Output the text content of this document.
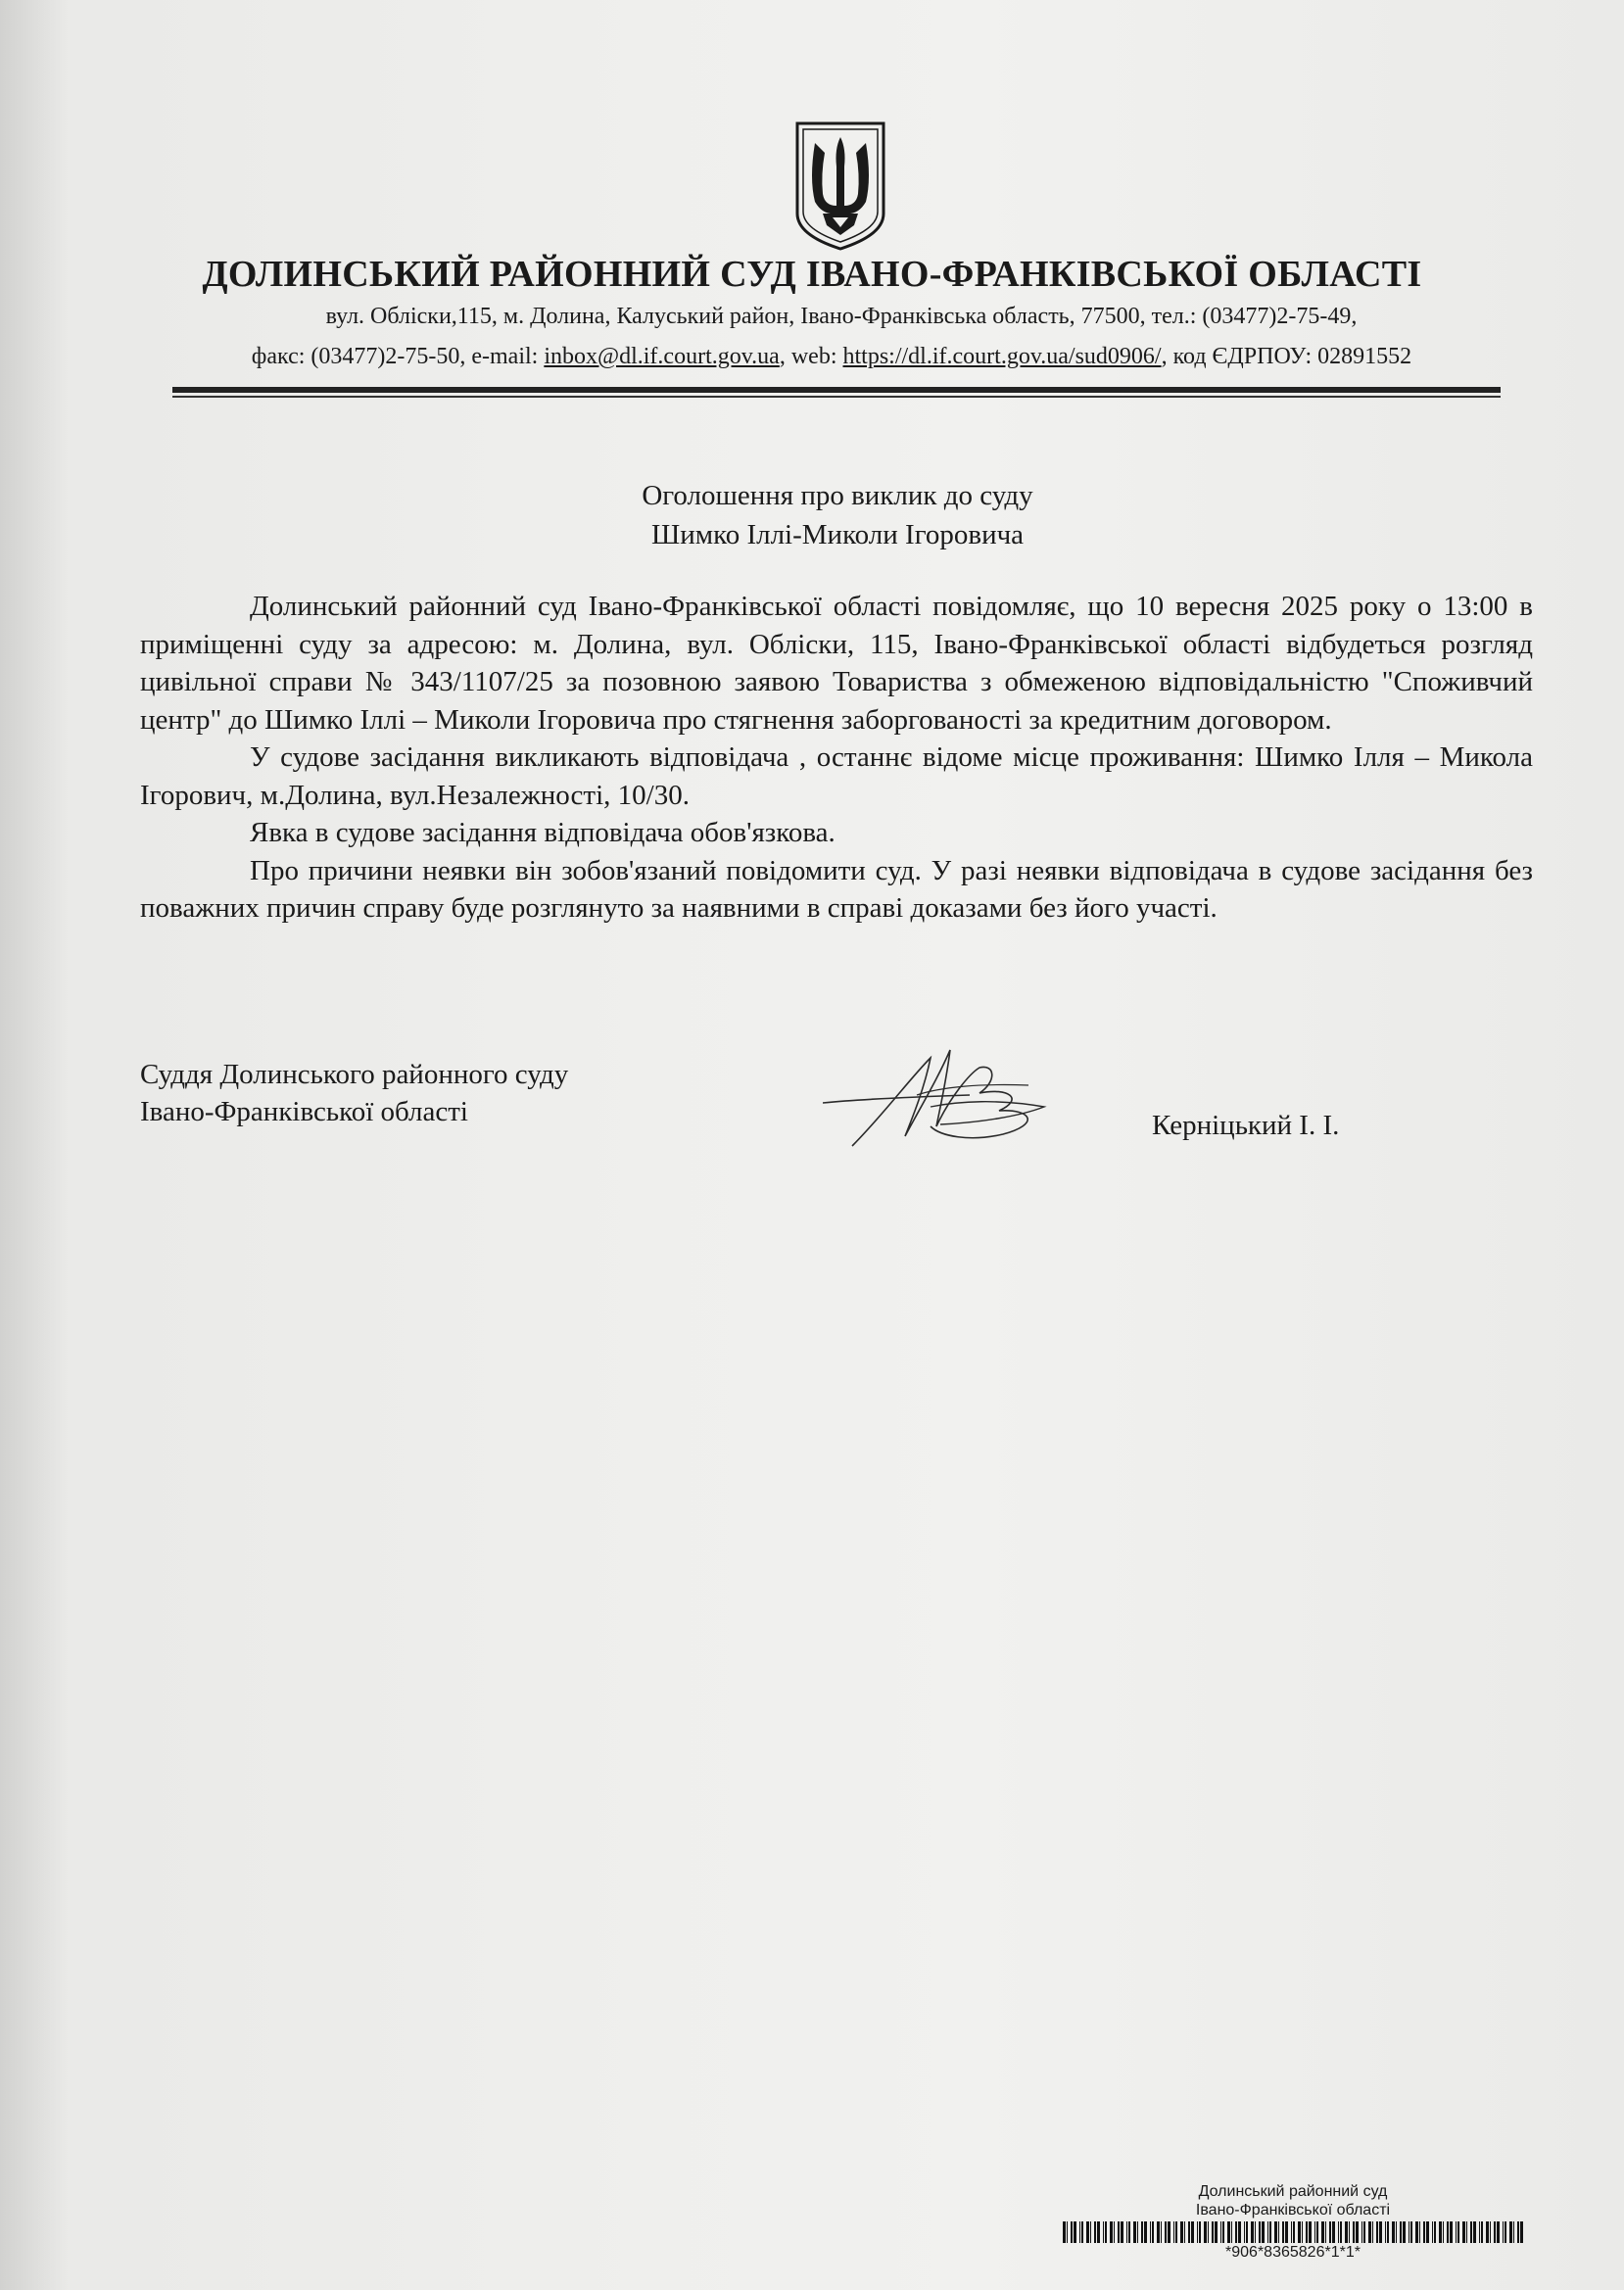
ДОЛИНСЬКИЙ РАЙОННИЙ СУД ІВАНО-ФРАНКІВСЬКОЇ ОБЛАСТІ
вул. Обліски,115, м. Долина, Калуський район, Івано-Франківська область, 77500, тел.: (03477)2-75-49,
факс: (03477)2-75-50, e-mail: inbox@dl.if.court.gov.ua, web: https://dl.if.court.gov.ua/sud0906/, код ЄДРПОУ: 02891552
Оголошення про виклик до суду
Шимко Іллі-Миколи Ігоровича

Долинський районний суд Івано-Франківської області повідомляє, що 10 вересня 2025 року о 13:00 в приміщенні суду за адресою: м. Долина, вул. Обліски, 115, Івано-Франківської області відбудеться розгляд цивільної справи № 343/1107/25 за позовною заявою Товариства з обмеженою відповідальністю "Споживчий центр" до Шимко Іллі – Миколи Ігоровича про стягнення заборгованості за кредитним договором.

У судове засідання викликають відповідача , останнє відоме місце проживання: Шимко Ілля – Микола Ігорович, м.Долина, вул.Незалежності, 10/30.

Явка в судове засідання відповідача обов'язкова.

Про причини неявки він зобов'язаний повідомити суд. У разі неявки відповідача в судове засідання без поважних причин справу буде розглянуто за наявними в справі доказами без його участі.

Суддя Долинського районного суду
Івано-Франківської області	Керніцький І. І.
Долинський районний суд
Івано-Франківської області
*906*8365826*1*1*
